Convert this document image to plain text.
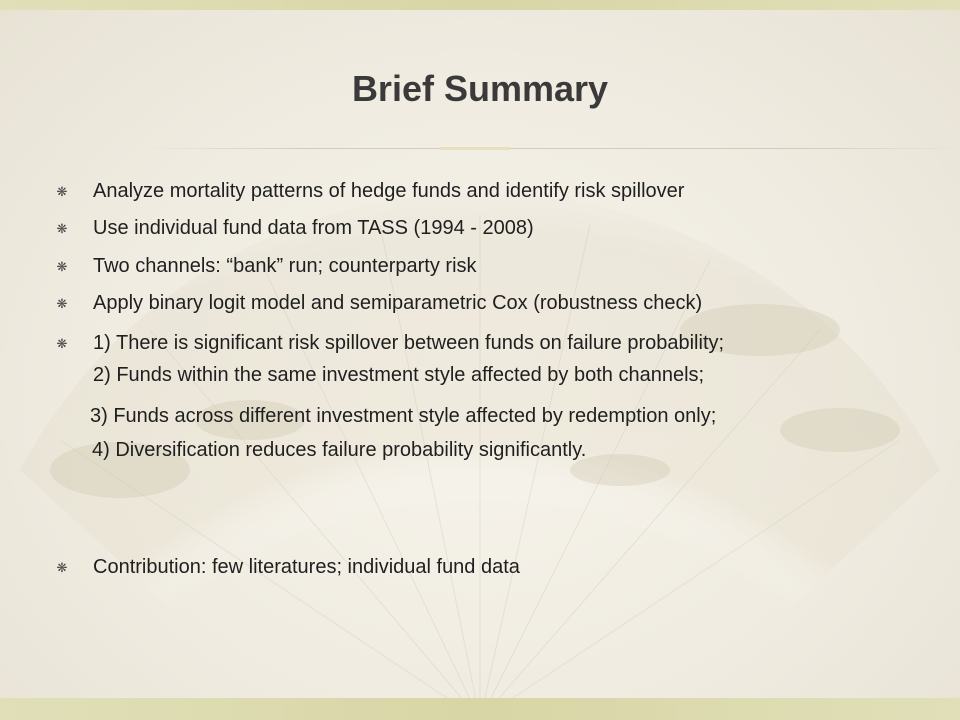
Brief Summary
❋ Analyze mortality patterns of hedge funds and identify risk spillover
❋ Use individual fund data from TASS (1994 - 2008)
❋ Two channels: “bank” run; counterparty risk
❋ Apply binary logit model and semiparametric Cox (robustness check)
❋ 1) There is significant risk spillover between funds on failure probability;
2) Funds within the same investment style affected by both channels;
3) Funds across different investment style affected by redemption only;
4) Diversification reduces failure probability significantly.
❋ Contribution: few literatures; individual fund data
